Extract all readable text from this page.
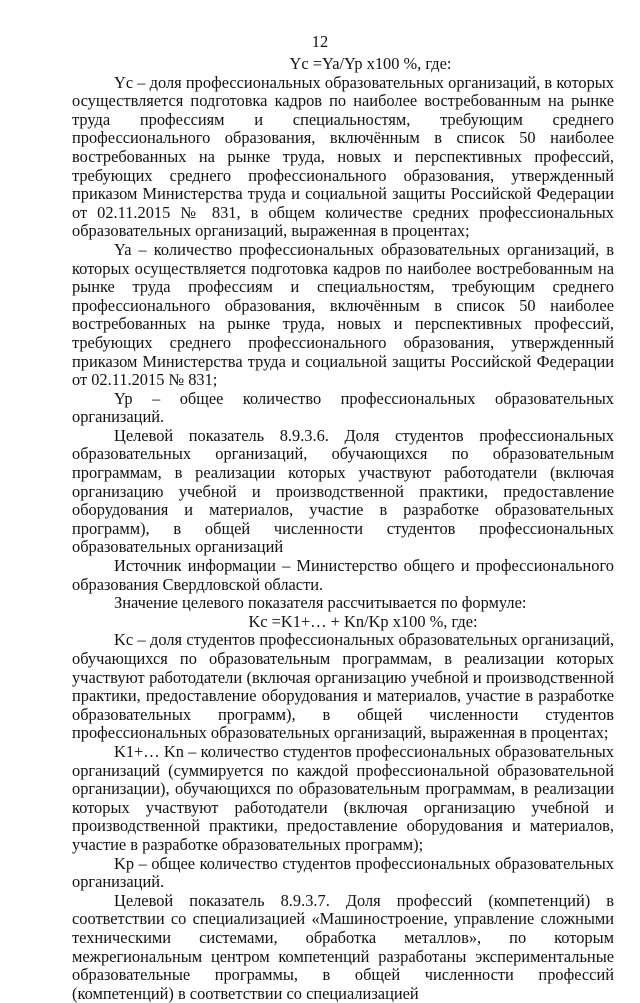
12
Yc =Ya/Yp x100 %, где:

Yc – доля профессиональных образовательных организаций, в которых осуществляется подготовка кадров по наиболее востребованным на рынке труда профессиям и специальностям, требующим среднего профессионального образования, включённым в список 50 наиболее востребованных на рынке труда, новых и перспективных профессий, требующих среднего профессионального образования, утвержденный приказом Министерства труда и социальной защиты Российской Федерации от 02.11.2015 № 831, в общем количестве средних профессиональных образовательных организаций, выраженная в процентах;

Ya – количество профессиональных образовательных организаций, в которых осуществляется подготовка кадров по наиболее востребованным на рынке труда профессиям и специальностям, требующим среднего профессионального образования, включённым в список 50 наиболее востребованных на рынке труда, новых и перспективных профессий, требующих среднего профессионального образования, утвержденный приказом Министерства труда и социальной защиты Российской Федерации от 02.11.2015 № 831;

Yp – общее количество профессиональных образовательных организаций.

Целевой показатель 8.9.3.6. Доля студентов профессиональных образовательных организаций, обучающихся по образовательным программам, в реализации которых участвуют работодатели (включая организацию учебной и производственной практики, предоставление оборудования и материалов, участие в разработке образовательных программ), в общей численности студентов профессиональных образовательных организаций

Источник информации – Министерство общего и профессионального образования Свердловской области.

Значение целевого показателя рассчитывается по формуле:

Kc =K1+… + Kn/Kp x100 %, где:

Kc – доля студентов профессиональных образовательных организаций, обучающихся по образовательным программам, в реализации которых участвуют работодатели (включая организацию учебной и производственной практики, предоставление оборудования и материалов, участие в разработке образовательных программ), в общей численности студентов профессиональных образовательных организаций, выраженная в процентах;

K1+… Kn – количество студентов профессиональных образовательных организаций (суммируется по каждой профессиональной образовательной организации), обучающихся по образовательным программам, в реализации которых участвуют работодатели (включая организацию учебной и производственной практики, предоставление оборудования и материалов, участие в разработке образовательных программ);

Kp – общее количество студентов профессиональных образовательных организаций.

Целевой показатель 8.9.3.7. Доля профессий (компетенций) в соответствии со специализацией «Машиностроение, управление сложными техническими системами, обработка металлов», по которым межрегиональным центром компетенций разработаны экспериментальные образовательные программы, в общей численности профессий (компетенций) в соответствии со специализацией
